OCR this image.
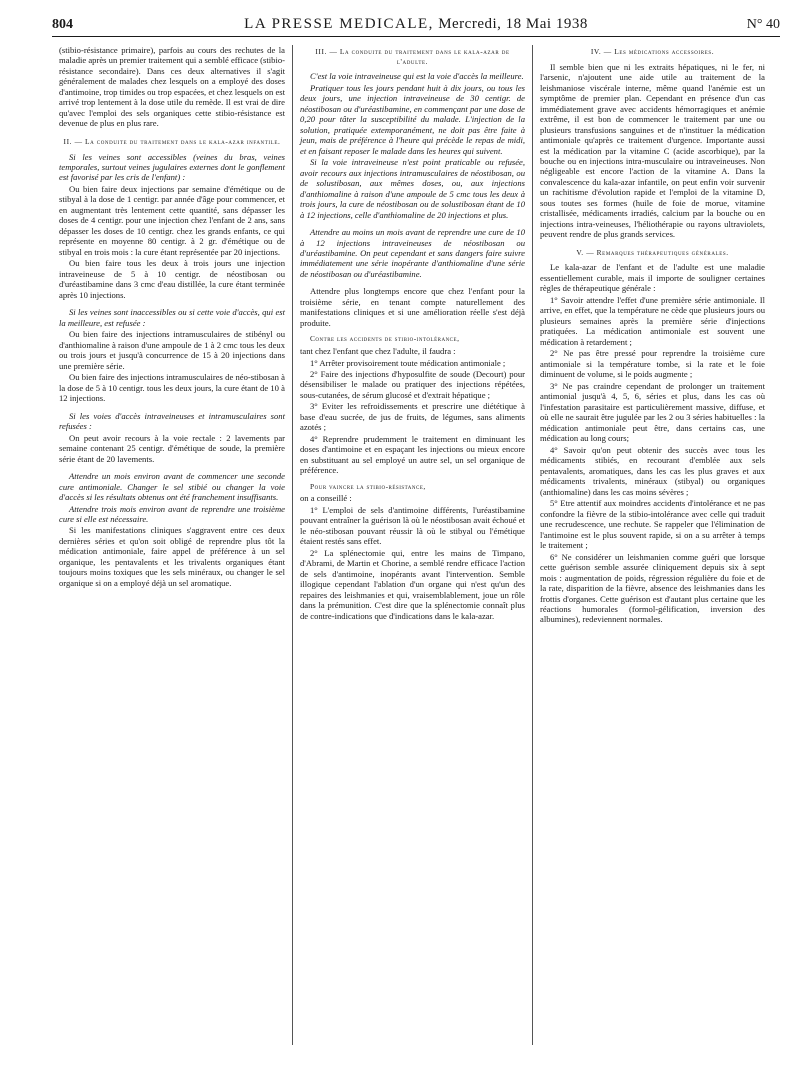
804	LA PRESSE MEDICALE, Mercredi, 18 Mai 1938	N° 40

(stibio-résistance primaire), parfois au cours des rechutes de la maladie après un premier traitement qui a semblé efficace (stibio-résistance secondaire). Dans ces deux alternatives il s'agit généralement de malades chez lesquels on a employé des doses d'antimoine, trop timides ou trop espacées, et chez lesquels on est arrivé trop lentement à la dose utile du remède. Il est vrai de dire qu'avec l'emploi des sels organiques cette stibio-résistance est devenue de plus en plus rare.

II. — La conduite du traitement dans le kala-azar infantile.

Si les veines sont accessibles (veines du bras, veines temporales, surtout veines jugulaires externes dont le gonflement est favorisé par les cris de l'enfant) :

Ou bien faire deux injections par semaine d'émétique ou de stibyal à la dose de 1 centigr. par année d'âge pour commencer, et en augmentant très lentement cette quantité, sans dépasser les doses de 4 centigr. pour une injection chez l'enfant de 2 ans, sans dépasser les doses de 10 centigr. chez les grands enfants, ce qui représente en moyenne 80 centigr. à 2 gr. d'émétique ou de stibyal en trois mois : la cure étant représentée par 20 injections.

Ou bien faire tous les deux à trois jours une injection intraveineuse de 5 à 10 centigr. de néostibosan ou d'uréastibamine dans 3 cmc d'eau distillée, la cure étant terminée après 10 injections.

Si les veines sont inaccessibles ou si cette voie d'accès, qui est la meilleure, est refusée :

Ou bien faire des injections intramusculaires de stibényl ou d'anthiomaline à raison d'une ampoule de 1 à 2 cmc tous les deux ou trois jours et jusqu'à concurrence de 15 à 20 injections dans une première série.

Ou bien faire des injections intramusculaires de néo-stibosan à la dose de 5 à 10 centigr. tous les deux jours, la cure étant de 10 à 12 injections.

Si les voies d'accès intraveineuses et intramusculaires sont refusées :

On peut avoir recours à la voie rectale : 2 lavements par semaine contenant 25 centigr. d'émétique de soude, la première série étant de 20 lavements.

Attendre un mois environ avant de commencer une seconde cure antimoniale. Changer le sel stibié ou changer la voie d'accès si les résultats obtenus ont été franchement insuffisants.

Attendre trois mois environ avant de reprendre une troisième cure si elle est nécessaire.

Si les manifestations cliniques s'aggravent entre ces deux dernières séries et qu'on soit obligé de reprendre plus tôt la médication antimoniale, faire appel de préférence à un sel organique, les pentavalents et les trivalents organiques étant toujours moins toxiques que les sels minéraux, ou changer le sel organique si on a employé déjà un sel aromatique.

III. — La conduite du traitement dans le kala-azar de l'adulte.

C'est la voie intraveineuse qui est la voie d'accès la meilleure.

Pratiquer tous les jours pendant huit à dix jours, ou tous les deux jours, une injection intraveineuse de 30 centigr. de néostibosan ou d'uréastibamine, en commençant par une dose de 0,20 pour tâter la susceptibilité du malade. L'injection de la solution, pratiquée extemporanément, ne doit pas être faite à jeun, mais de préférence à l'heure qui précède le repas de midi, et en faisant reposer le malade dans les heures qui suivent.

Si la voie intraveineuse n'est point praticable ou refusée, avoir recours aux injections intramusculaires de néostibosan, ou de solustibosan, aux mêmes doses, ou, aux injections d'anthiomaline à raison d'une ampoule de 5 cmc tous les deux à trois jours, la cure de néostibosan ou de solustibosan étant de 10 à 12 injections, celle d'anthiomaline de 20 injections et plus.

Attendre au moins un mois avant de reprendre une cure de 10 à 12 injections intraveineuses de néostibosan ou d'uréastibamine. On peut cependant et sans dangers faire suivre immédiatement une série inopérante d'anthiomaline d'une série de néostibosan ou d'uréastibamine.

Attendre plus longtemps encore que chez l'enfant pour la troisième série, en tenant compte naturellement des manifestations cliniques et si une amélioration réelle s'est déjà produite.

Contre les accidents de stibio-intolérance,

tant chez l'enfant que chez l'adulte, il faudra :

1° Arrêter provisoirement toute médication antimoniale ;

2° Faire des injections d'hyposulfite de soude (Decourt) pour désensibiliser le malade ou pratiquer des injections répétées, sous-cutanées, de sérum glucosé et d'extrait hépatique ;

3° Eviter les refroidissements et prescrire une diététique à base d'eau sucrée, de jus de fruits, de légumes, sans aliments azotés ;

4° Reprendre prudemment le traitement en diminuant les doses d'antimoine et en espaçant les injections ou mieux encore en substituant au sel employé un autre sel, un sel organique de préférence.

Pour vaincre la stibio-résistance,

on a conseillé :

1° L'emploi de sels d'antimoine différents, l'uréastibamine pouvant entraîner la guérison là où le néostibosan avait échoué et le néo-stibosan pouvant réussir là où le stibyal ou l'émétique étaient restés sans effet.

2° La splénectomie qui, entre les mains de Timpano, d'Abrami, de Martin et Chorine, a semblé rendre efficace l'action de sels d'antimoine, inopérants avant l'intervention. Semble illogique cependant l'ablation d'un organe qui n'est qu'un des repaires des leishmanies et qui, vraisemblablement, joue un rôle dans la prémunition. C'est dire que la splénectomie connaît plus de contre-indications que d'indications dans le kala-azar.

IV. — Les médications accessoires.

Il semble bien que ni les extraits hépatiques, ni le fer, ni l'arsenic, n'ajoutent une aide utile au traitement de la leishmaniose viscérale interne, même quand l'anémie est un symptôme de premier plan. Cependant en présence d'un cas immédiatement grave avec accidents hémorragiques et anémie extrême, il est bon de commencer le traitement par une ou plusieurs transfusions sanguines et de n'instituer la médication antimoniale qu'après ce traitement d'urgence. Importante aussi est la médication par la vitamine C (acide ascorbique), par la bouche ou en injections intra-musculaire ou intraveineuses. Non négligeable est encore l'action de la vitamine A. Dans la convalescence du kala-azar infantile, on peut enfin voir survenir un rachitisme d'évolution rapide et l'emploi de la vitamine D, sous toutes ses formes (huile de foie de morue, vitamine cristallisée, médicaments irradiés, calcium par la bouche ou en injections intra-veineuses, l'héliothérapie ou rayons ultraviolets, peuvent rendre de plus grands services.

V. — Remarques thérapeutiques générales.

Le kala-azar de l'enfant et de l'adulte est une maladie essentiellement curable, mais il importe de souligner certaines règles de thérapeutique générale :

1° Savoir attendre l'effet d'une première série antimoniale. Il arrive, en effet, que la température ne cède que plusieurs jours ou plusieurs semaines après la première série d'injections pratiquées. La médication antimoniale est souvent une médication à retardement ;

2° Ne pas être pressé pour reprendre la troisième cure antimoniale si la température tombe, si la rate et le foie diminuent de volume, si le poids augmente ;

3° Ne pas craindre cependant de prolonger un traitement antimonial jusqu'à 4, 5, 6, séries et plus, dans les cas où l'infestation parasitaire est particulièrement massive, diffuse, et où elle ne saurait être jugulée par les 2 ou 3 séries habituelles : la médication antimoniale peut être, dans certains cas, une médication au long cours;

4° Savoir qu'on peut obtenir des succès avec tous les médicaments stibiés, en recourant d'emblée aux sels pentavalents, aromatiques, dans les cas les plus graves et aux médicaments trivalents, minéraux (stibyal) ou organiques (anthiomaline) dans les cas moins sévères ;

5° Etre attentif aux moindres accidents d'intolérance et ne pas confondre la fièvre de la stibio-intolérance avec celle qui traduit une recrudescence, une rechute. Se rappeler que l'élimination de l'antimoine est le plus souvent rapide, si on a su arrêter à temps le traitement ;

6° Ne considérer un leishmanien comme guéri que lorsque cette guérison semble assurée cliniquement depuis six à sept mois : augmentation de poids, régression régulière du foie et de la rate, disparition de la fièvre, absence des leishmanies dans les frottis d'organes. Cette guérison est d'autant plus certaine que les réactions humorales (formol-gélification, inversion des albumines), redeviennent normales.
